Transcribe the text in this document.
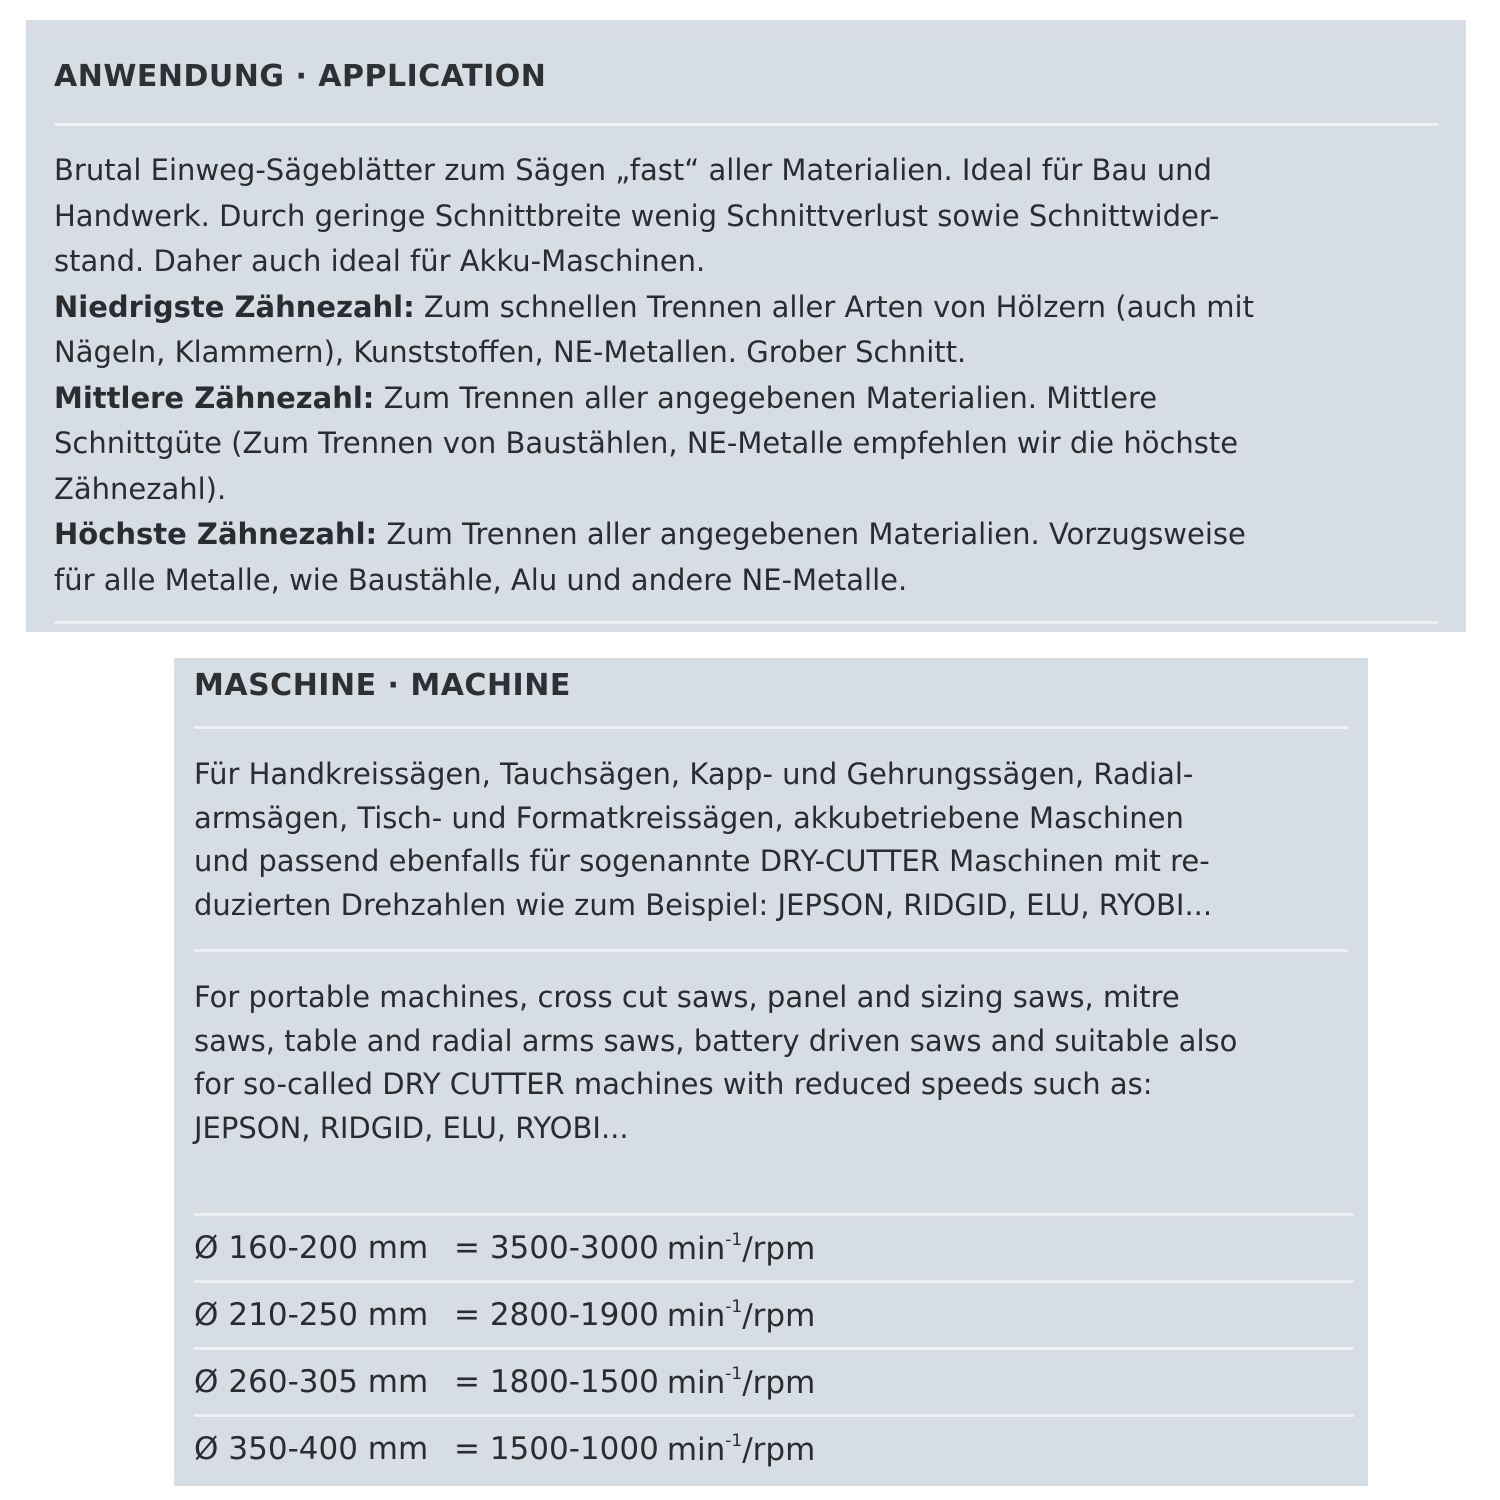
ANWENDUNG · APPLICATION
Brutal Einweg-Sägeblätter zum Sägen „fast“ aller Materialien. Ideal für Bau und
Handwerk. Durch geringe Schnittbreite wenig Schnittverlust sowie Schnittwider-
stand. Daher auch ideal für Akku-Maschinen.
Niedrigste Zähnezahl: Zum schnellen Trennen aller Arten von Hölzern (auch mit
Nägeln, Klammern), Kunststoffen, NE-Metallen. Grober Schnitt.
Mittlere Zähnezahl: Zum Trennen aller angegebenen Materialien. Mittlere
Schnittgüte (Zum Trennen von Baustählen, NE-Metalle empfehlen wir die höchste
Zähnezahl).
Höchste Zähnezahl: Zum Trennen aller angegebenen Materialien. Vorzugsweise
für alle Metalle, wie Baustähle, Alu und andere NE-Metalle.
MASCHINE · MACHINE
Für Handkreissägen, Tauchsägen, Kapp- und Gehrungssägen, Radial-
armsägen, Tisch- und Formatkreissägen, akkubetriebene Maschinen
und passend ebenfalls für sogenannte DRY-CUTTER Maschinen mit re-
duzierten Drehzahlen wie zum Beispiel: JEPSON, RIDGID, ELU, RYOBI...
For portable machines, cross cut saws, panel and sizing saws, mitre
saws, table and radial arms saws, battery driven saws and suitable also
for so-called DRY CUTTER machines with reduced speeds such as:
JEPSON, RIDGID, ELU, RYOBI...
Ø 160-200 mm = 3500-3000 $\min^{-1}$/rpm
Ø 210-250 mm = 2800-1900 $\min^{-1}$/rpm
Ø 260-305 mm = 1800-1500 $\min^{-1}$/rpm
Ø 350-400 mm = 1500-1000 $\min^{-1}$/rpm
